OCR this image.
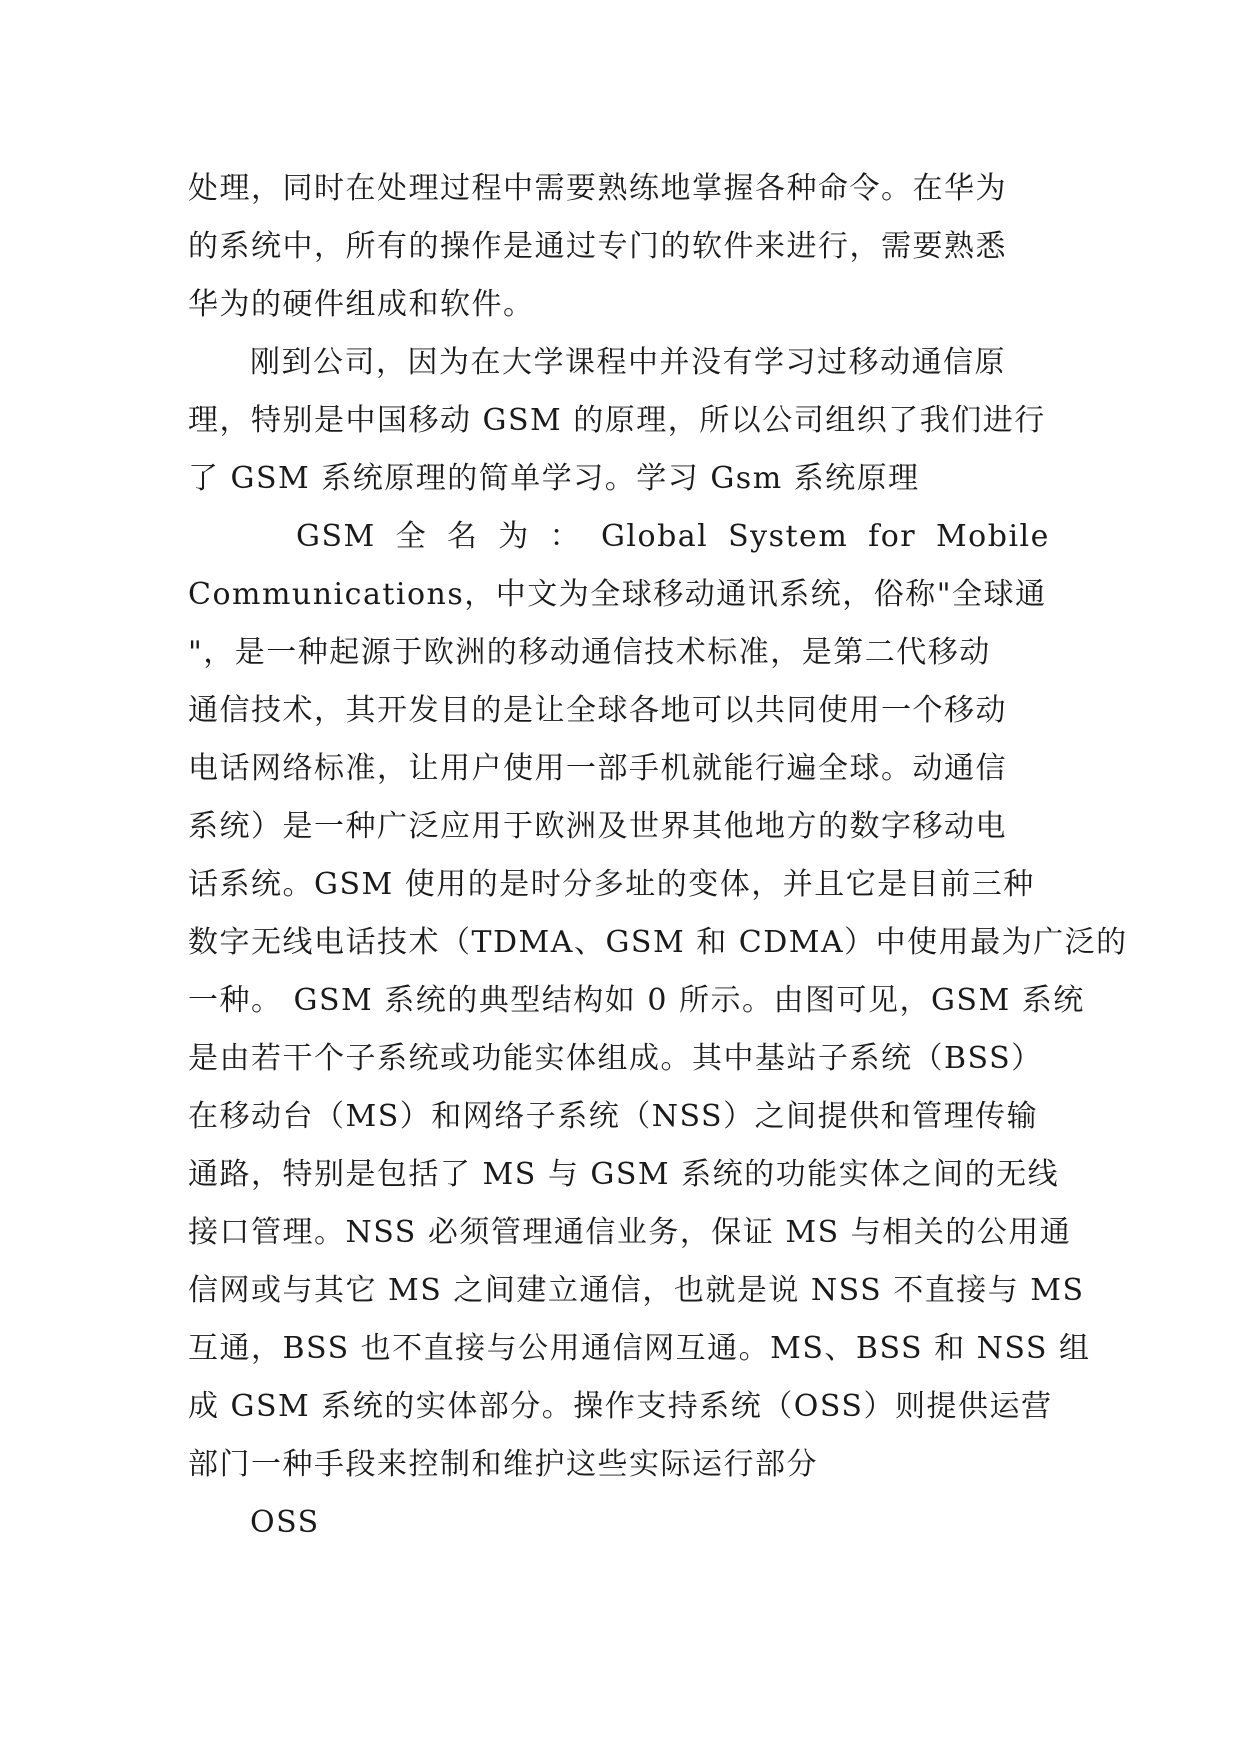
处理，同时在处理过程中需要熟练地掌握各种命令。在华为
的系统中，所有的操作是通过专门的软件来进行，需要熟悉
华为的硬件组成和软件。
刚到公司，因为在大学课程中并没有学习过移动通信原
理，特别是中国移动 GSM 的原理，所以公司组织了我们进行
了 GSM 系统原理的简单学习。学习 Gsm 系统原理
GSM 全 名 为 ： Global System for Mobile
Communications，中文为全球移动通讯系统，俗称"全球通
"，是一种起源于欧洲的移动通信技术标准，是第二代移动
通信技术，其开发目的是让全球各地可以共同使用一个移动
电话网络标准，让用户使用一部手机就能行遍全球。动通信
系统）是一种广泛应用于欧洲及世界其他地方的数字移动电
话系统。GSM 使用的是时分多址的变体，并且它是目前三种
数字无线电话技术（TDMA、GSM 和 CDMA）中使用最为广泛的
一种。 GSM 系统的典型结构如 0 所示。由图可见，GSM 系统
是由若干个子系统或功能实体组成。其中基站子系统（BSS）
在移动台（MS）和网络子系统（NSS）之间提供和管理传输
通路，特别是包括了 MS 与 GSM 系统的功能实体之间的无线
接口管理。NSS 必须管理通信业务，保证 MS 与相关的公用通
信网或与其它 MS 之间建立通信，也就是说 NSS 不直接与 MS
互通，BSS 也不直接与公用通信网互通。MS、BSS 和 NSS 组
成 GSM 系统的实体部分。操作支持系统（OSS）则提供运营
部门一种手段来控制和维护这些实际运行部分
OSS
